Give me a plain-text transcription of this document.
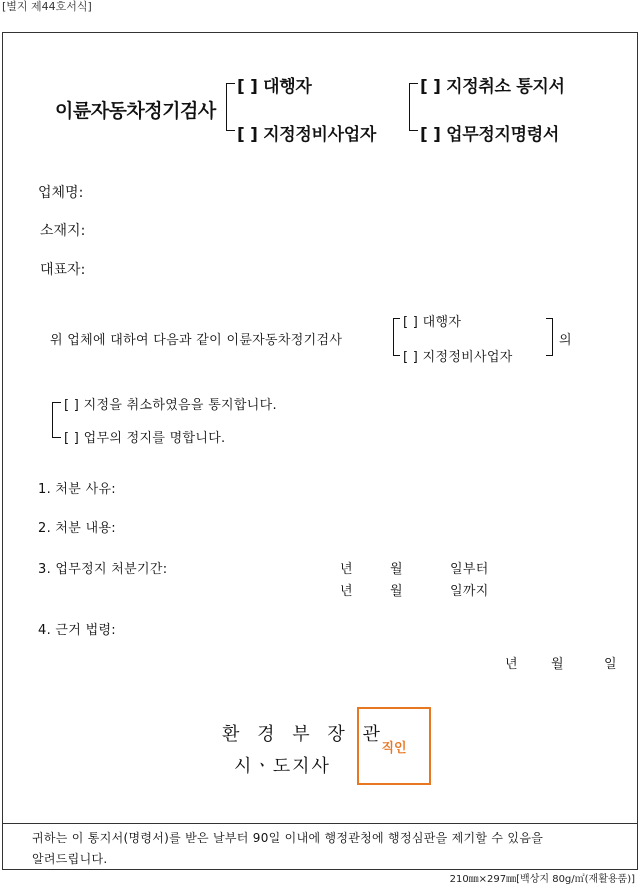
[별지 제44호서식]
이륜자동차정기검사
[ ] 대행자
[ ] 지정정비사업자
[ ] 지정취소 통지서
[ ] 업무정지명령서
업체명:
소재지:
대표자:
위 업체에 대하여 다음과 같이 이륜자동차정기검사
[ ] 대행자
[ ] 지정정비사업자
의
[ ] 지정을 취소하였음을 통지합니다.
[ ] 업무의 정지를 명합니다.
1. 처분 사유:
2. 처분 내용:
3. 업무정지 처분기간:	년	월	일부터
년	월	일까지
4. 근거 법령:
년	월	일
환 경 부 장 관
시ㆍ도지사
직인
귀하는 이 통지서(명령서)를 받은 날부터 90일 이내에 행정관청에 행정심판을 제기할 수 있음을
알려드립니다.
210㎜×297㎜[백상지 80g/㎡(재활용품)]
